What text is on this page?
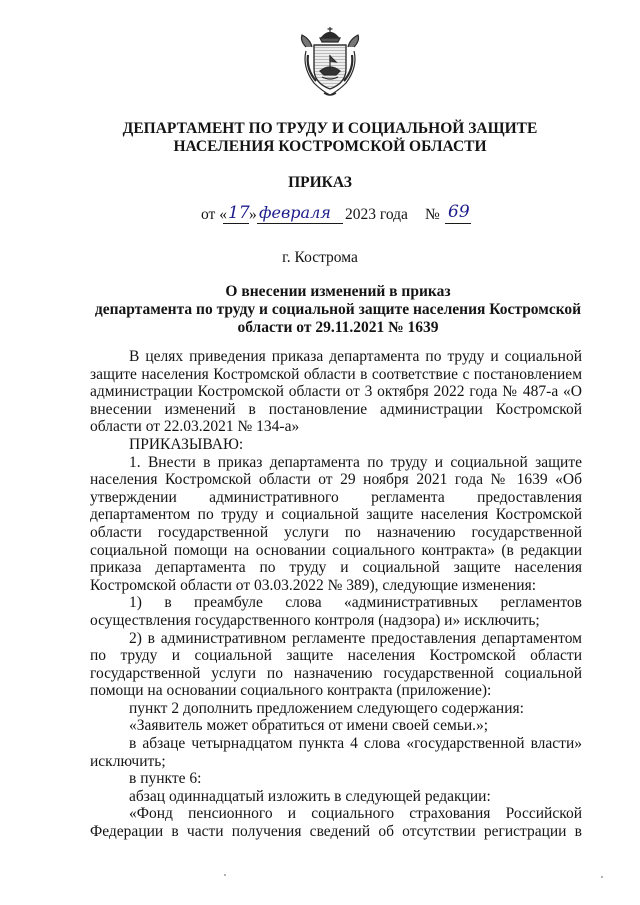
ДЕПАРТАМЕНТ ПО ТРУДУ И СОЦИАЛЬНОЙ ЗАЩИТЕ
НАСЕЛЕНИЯ КОСТРОМСКОЙ ОБЛАСТИ
ПРИКАЗ
от « 17 » февраля 2023 года № 69
г. Кострома
О внесении изменений в приказ
департамента по труду и социальной защите населения Костромской
области от 29.11.2021 № 1639

В целях приведения приказа департамента по труду и социальной защите населения Костромской области в соответствие с постановлением администрации Костромской области от 3 октября 2022 года № 487-а «О внесении изменений в постановление администрации Костромской области от 22.03.2021 № 134-а»

ПРИКАЗЫВАЮ:

1. Внести в приказ департамента по труду и социальной защите населения Костромской области от 29 ноября 2021 года № 1639 «Об утверждении административного регламента предоставления департаментом по труду и социальной защите населения Костромской области государственной услуги по назначению государственной социальной помощи на основании социального контракта» (в редакции приказа департамента по труду и социальной защите населения Костромской области от 03.03.2022 № 389), следующие изменения:

1) в преамбуле слова «административных регламентов осуществления государственного контроля (надзора) и» исключить;

2) в административном регламенте предоставления департаментом по труду и социальной защите населения Костромской области государственной услуги по назначению государственной социальной помощи на основании социального контракта (приложение):

пункт 2 дополнить предложением следующего содержания:

«Заявитель может обратиться от имени своей семьи.»;

в абзаце четырнадцатом пункта 4 слова «государственной власти» исключить;

в пункте 6:

абзац одиннадцатый изложить в следующей редакции:

«Фонд пенсионного и социального страхования Российской Федерации в части получения сведений об отсутствии регистрации в
